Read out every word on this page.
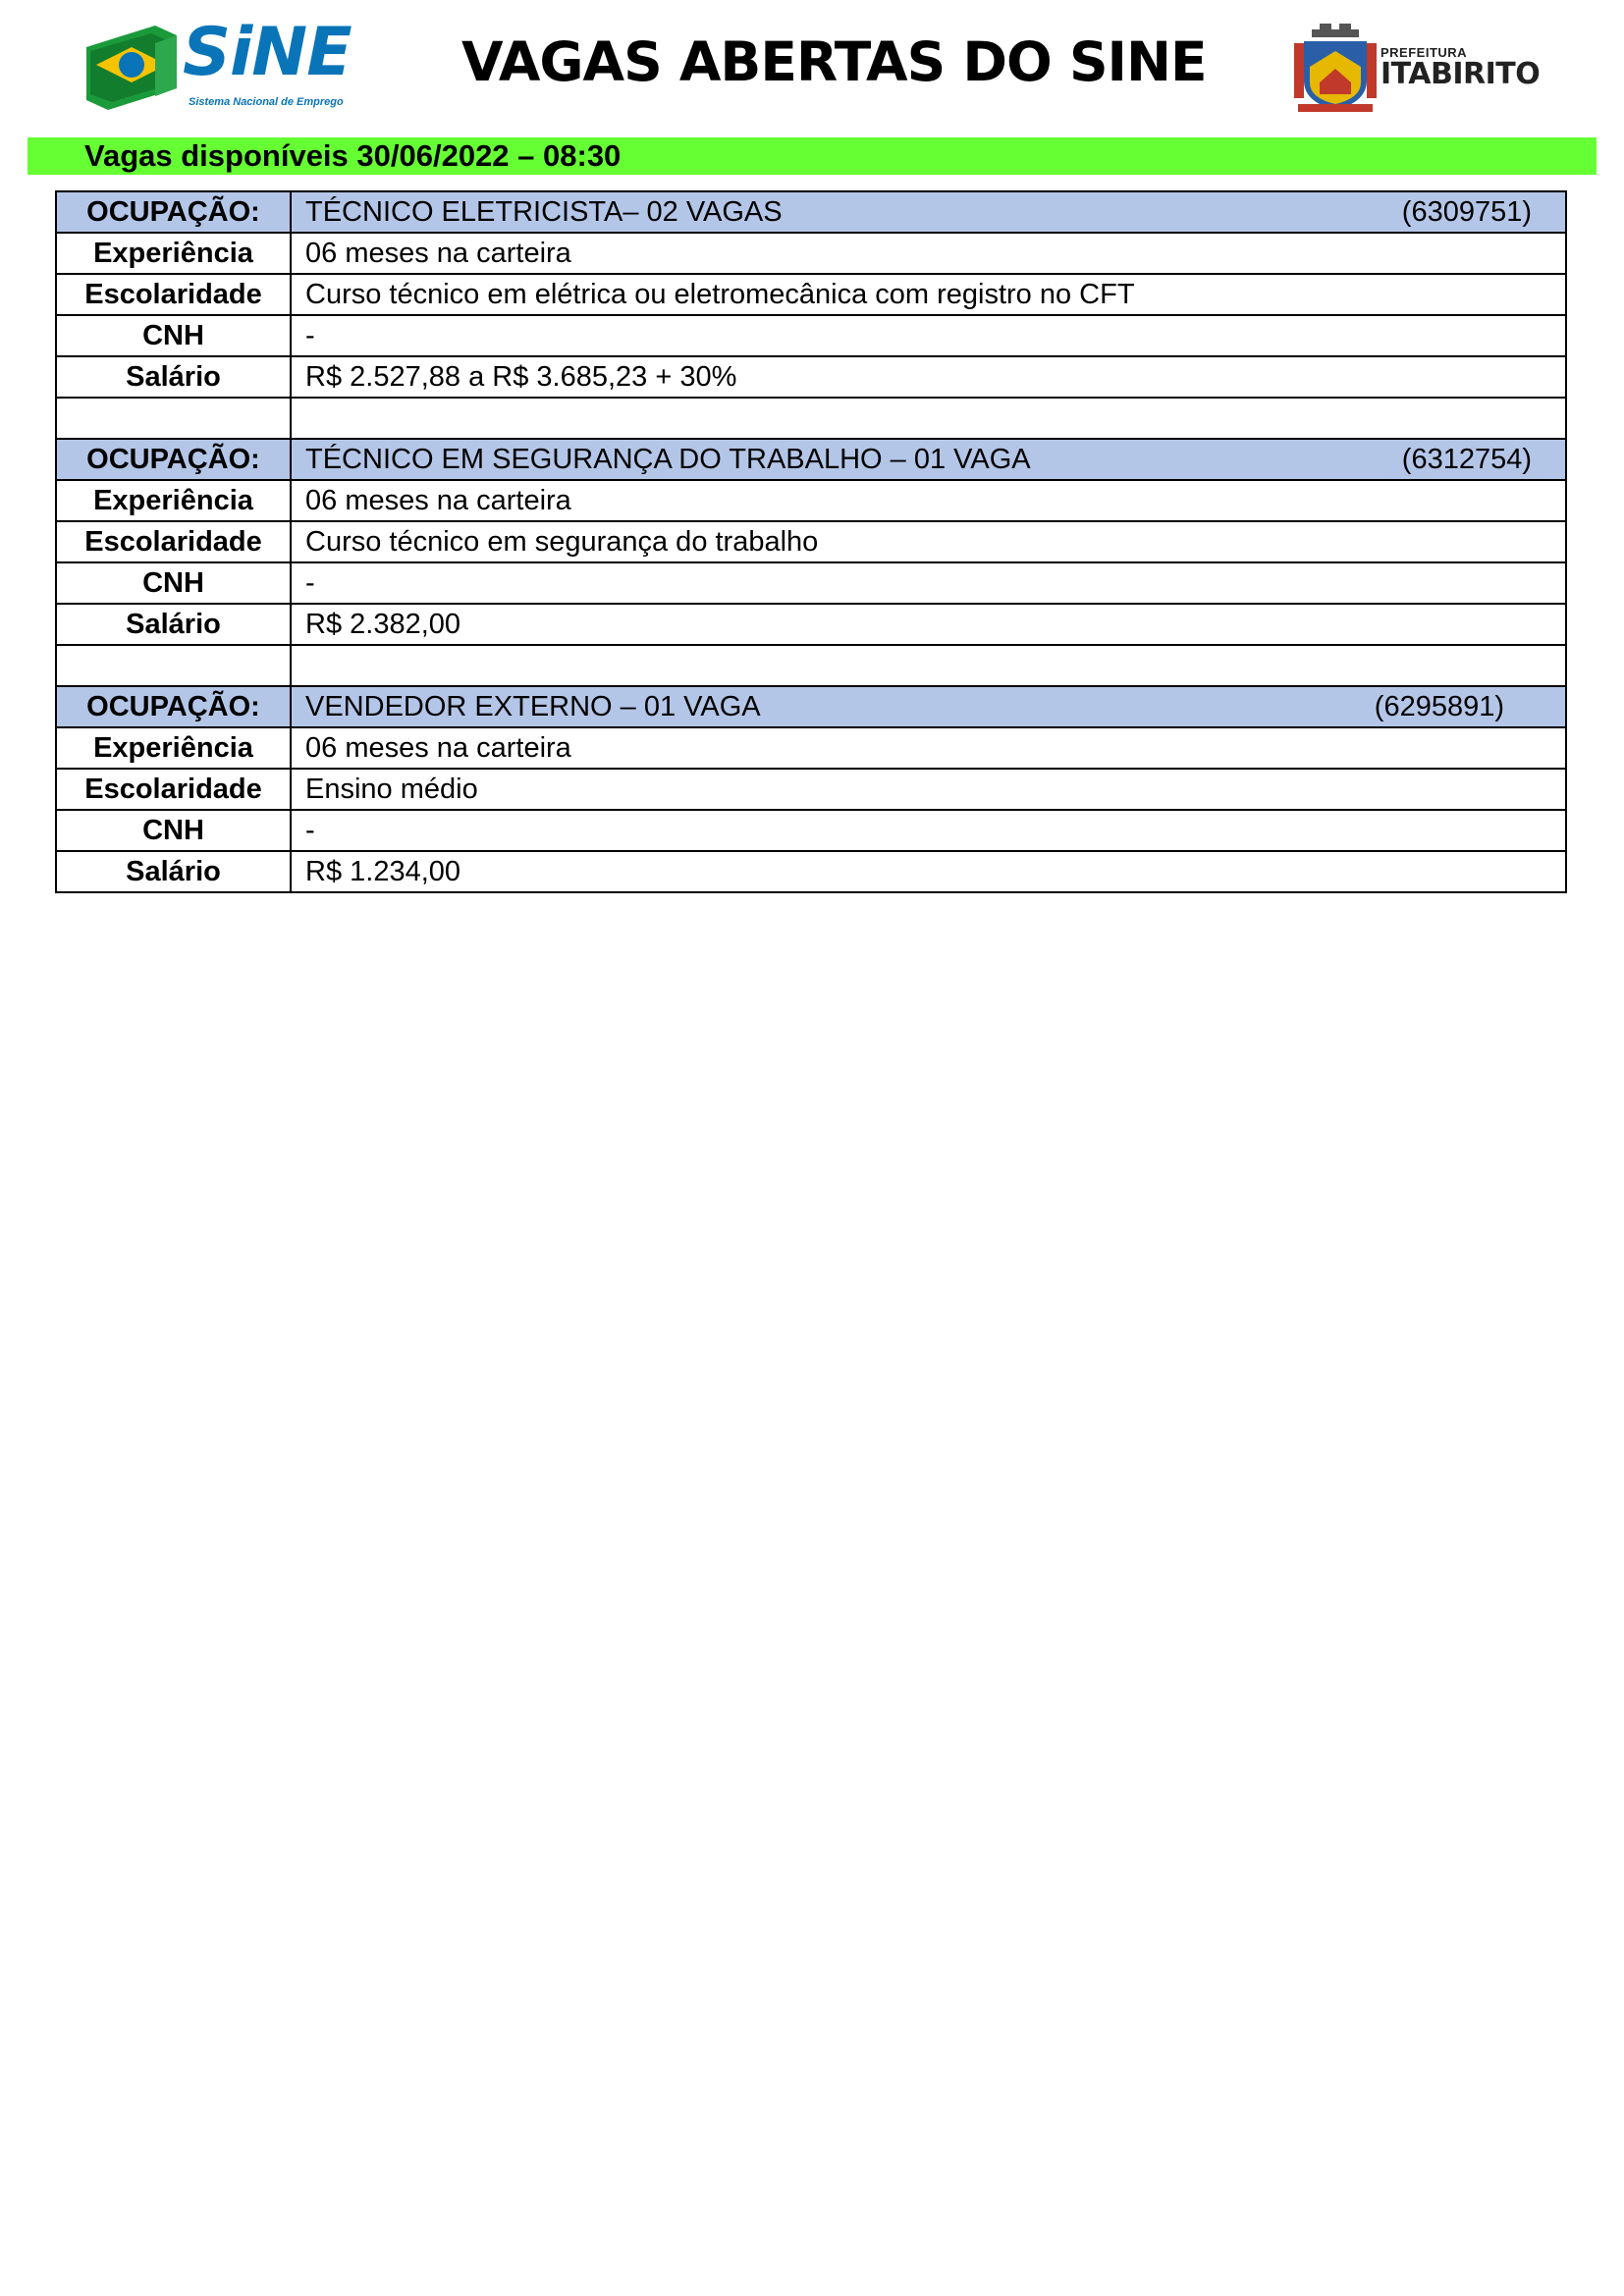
SiNE
Sistema Nacional de Emprego
VAGAS ABERTAS DO SINE	PREFEITURA
ITABIRITO
Vagas disponíveis 30/06/2022 – 08:30
OCUPAÇÃO:	TÉCNICO ELETRICISTA– 02 VAGAS (6309751)

Experiência	06 meses na carteira
Escolaridade	Curso técnico em elétrica ou eletromecânica com registro no CFT
CNH	-
Salário	R$ 2.527,88 a R$ 3.685,23 + 30%

OCUPAÇÃO:	TÉCNICO EM SEGURANÇA DO TRABALHO – 01 VAGA (6312754)

Experiência	06 meses na carteira
Escolaridade	Curso técnico em segurança do trabalho
CNH	-
Salário	R$ 2.382,00

OCUPAÇÃO:	VENDEDOR EXTERNO – 01 VAGA (6295891)

Experiência	06 meses na carteira
Escolaridade	Ensino médio
CNH	-
Salário	R$ 1.234,00
